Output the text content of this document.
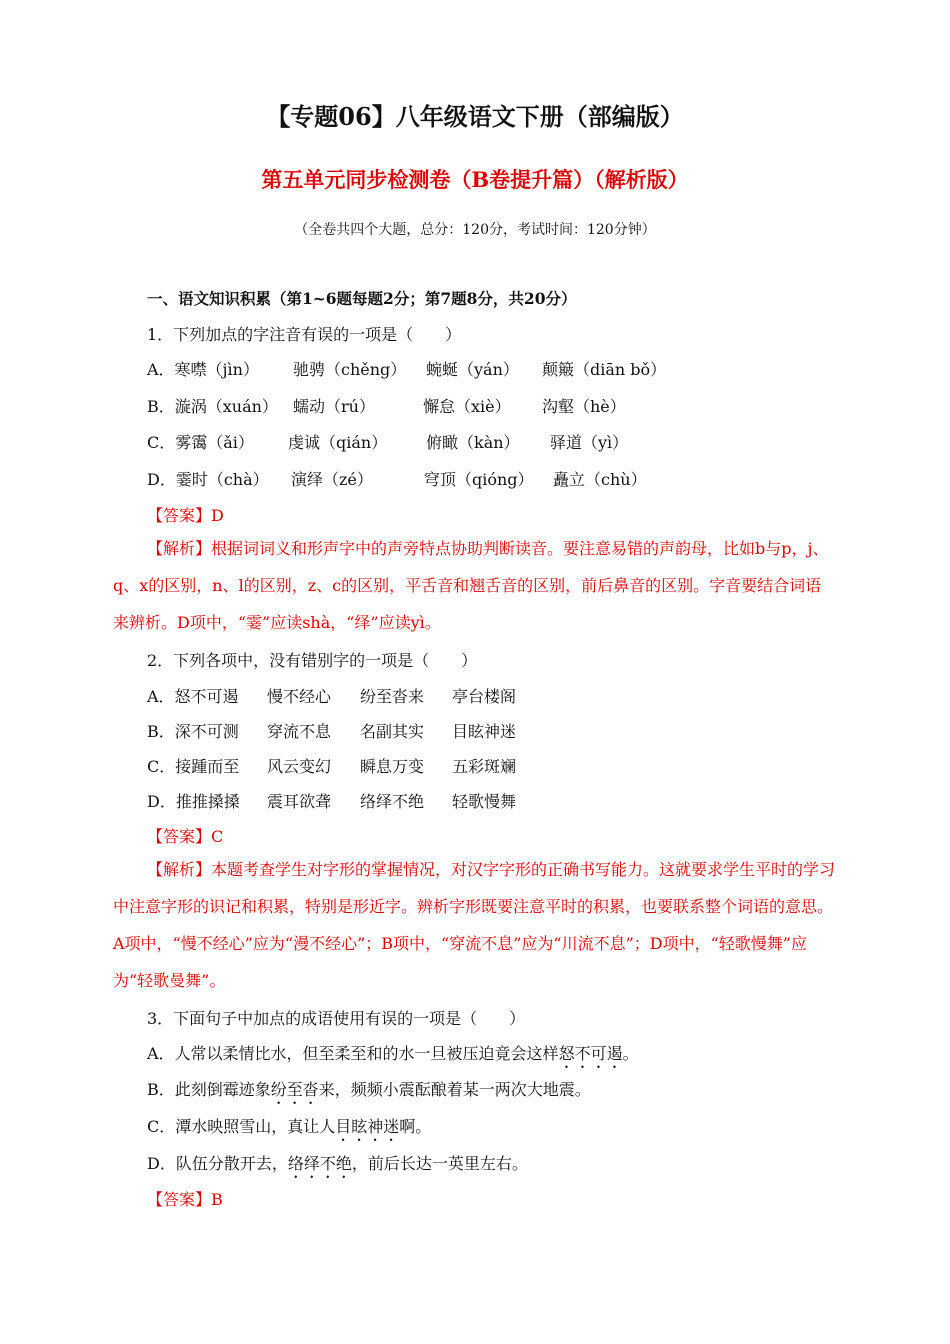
【专题06】八年级语文下册（部编版）
第五单元同步检测卷（B卷提升篇）（解析版）
（全卷共四个大题，总分：120分，考试时间：120分钟）
一、语文知识积累（第1~6题每题2分；第7题8分，共20分）
1．下列加点的字注音有误的一项是（　　）
A．寒噤（jìn） 驰骋（chěng） 蜿蜒（yán） 颠簸（diān bǒ）
B．漩涡（xuán） 蠕动（rú）	懈怠（xiè） 沟壑（hè）
C．雾霭（ǎi） 虔诚（qián） 俯瞰（kàn） 驿道（yì）
D．霎时（chà） 演绎（zé）	穹顶（qióng） 矗立（chù）
【答案】D
【解析】根据词词义和形声字中的声旁特点协助判断读音。要注意易错的声韵母，比如b与p，j、q、x的区别，n、l的区别，z、c的区别，平舌音和翘舌音的区别，前后鼻音的区别。字音要结合词语来辨析。D项中，“霎”应读shà，“绎”应读yì。
2．下列各项中，没有错别字的一项是（　　）
A．怒不可遏 慢不经心 纷至沓来 亭台楼阁
B．深不可测 穿流不息 名副其实 目眩神迷
C．接踵而至 风云变幻 瞬息万变 五彩斑斓
D．推推搡搡 震耳欲聋 络绎不绝 轻歌慢舞
【答案】C
【解析】本题考查学生对字形的掌握情况，对汉字字形的正确书写能力。这就要求学生平时的学习中注意字形的识记和积累，特别是形近字。辨析字形既要注意平时的积累，也要联系整个词语的意思。A项中，“慢不经心”应为“漫不经心”；B项中，“穿流不息”应为“川流不息”；D项中，“轻歌慢舞”应为“轻歌曼舞”。
3．下面句子中加点的成语使用有误的一项是（　　）
A．人常以柔情比水，但至柔至和的水一旦被压迫竟会这样怒不可遏。
B．此刻倒霉迹象纷至沓来，频频小震酝酿着某一两次大地震。
C．潭水映照雪山，真让人目眩神迷啊。
D．队伍分散开去，络绎不绝，前后长达一英里左右。
【答案】B
